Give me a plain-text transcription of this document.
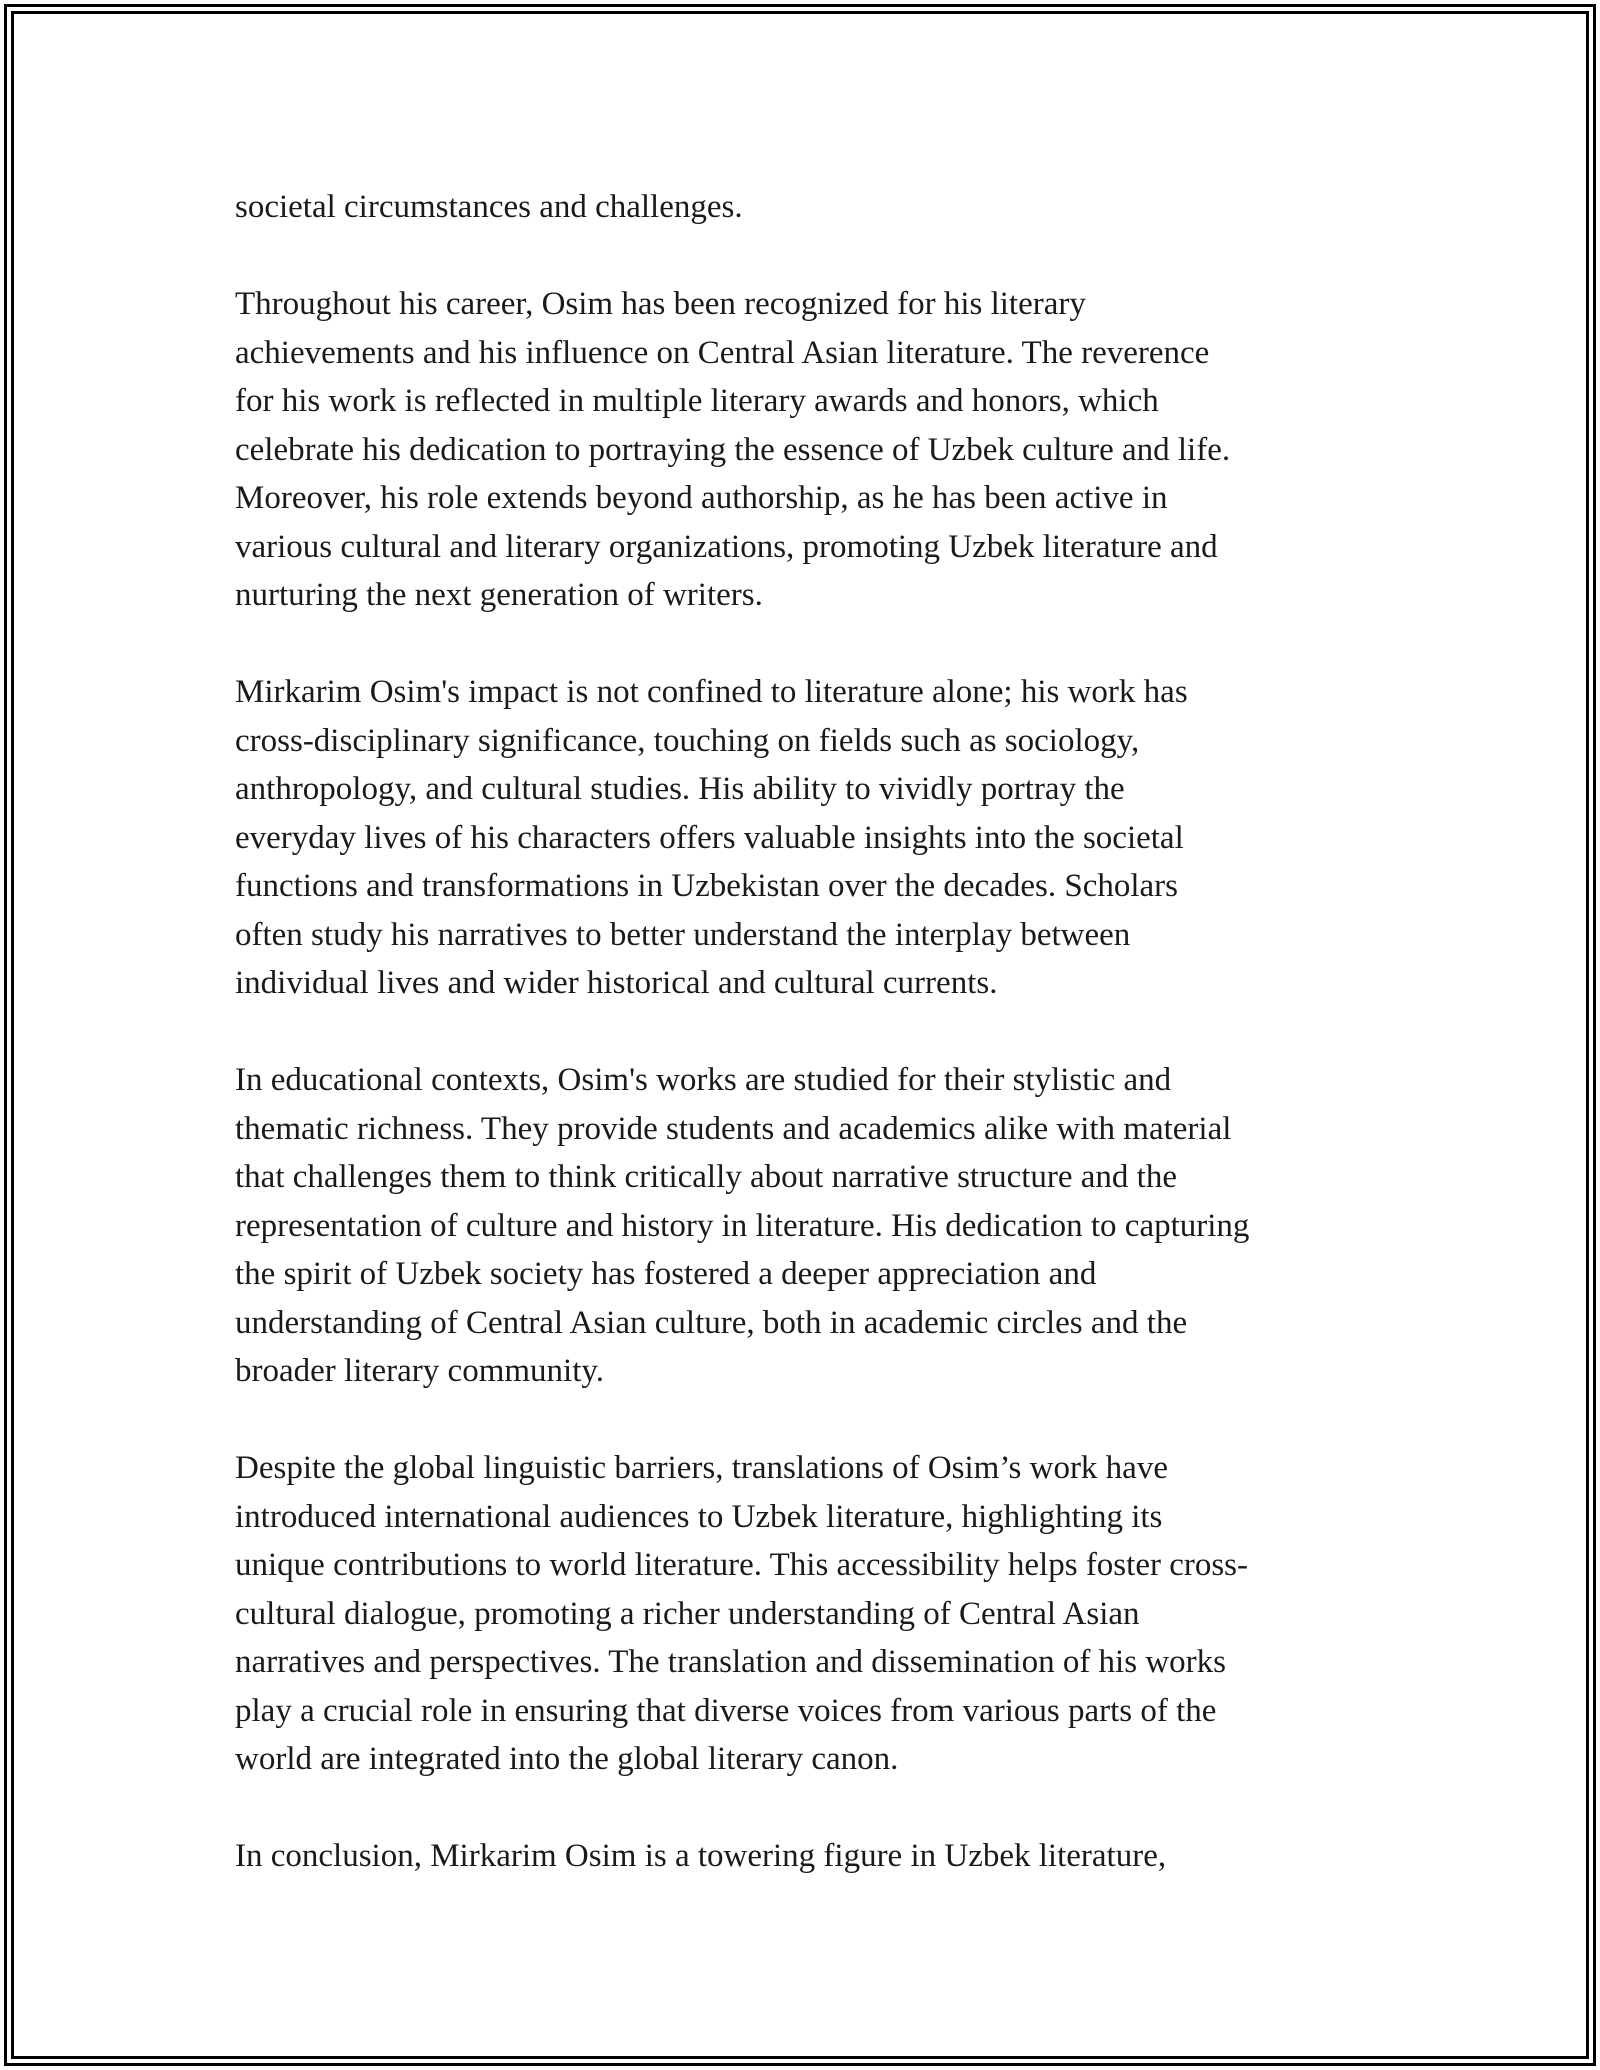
societal circumstances and challenges.

Throughout his career, Osim has been recognized for his literary
achievements and his influence on Central Asian literature. The reverence
for his work is reflected in multiple literary awards and honors, which
celebrate his dedication to portraying the essence of Uzbek culture and life.
Moreover, his role extends beyond authorship, as he has been active in
various cultural and literary organizations, promoting Uzbek literature and
nurturing the next generation of writers.

Mirkarim Osim's impact is not confined to literature alone; his work has
cross-disciplinary significance, touching on fields such as sociology,
anthropology, and cultural studies. His ability to vividly portray the
everyday lives of his characters offers valuable insights into the societal
functions and transformations in Uzbekistan over the decades. Scholars
often study his narratives to better understand the interplay between
individual lives and wider historical and cultural currents.

In educational contexts, Osim's works are studied for their stylistic and
thematic richness. They provide students and academics alike with material
that challenges them to think critically about narrative structure and the
representation of culture and history in literature. His dedication to capturing
the spirit of Uzbek society has fostered a deeper appreciation and
understanding of Central Asian culture, both in academic circles and the
broader literary community.

Despite the global linguistic barriers, translations of Osim’s work have
introduced international audiences to Uzbek literature, highlighting its
unique contributions to world literature. This accessibility helps foster cross-
cultural dialogue, promoting a richer understanding of Central Asian
narratives and perspectives. The translation and dissemination of his works
play a crucial role in ensuring that diverse voices from various parts of the
world are integrated into the global literary canon.

In conclusion, Mirkarim Osim is a towering figure in Uzbek literature,
